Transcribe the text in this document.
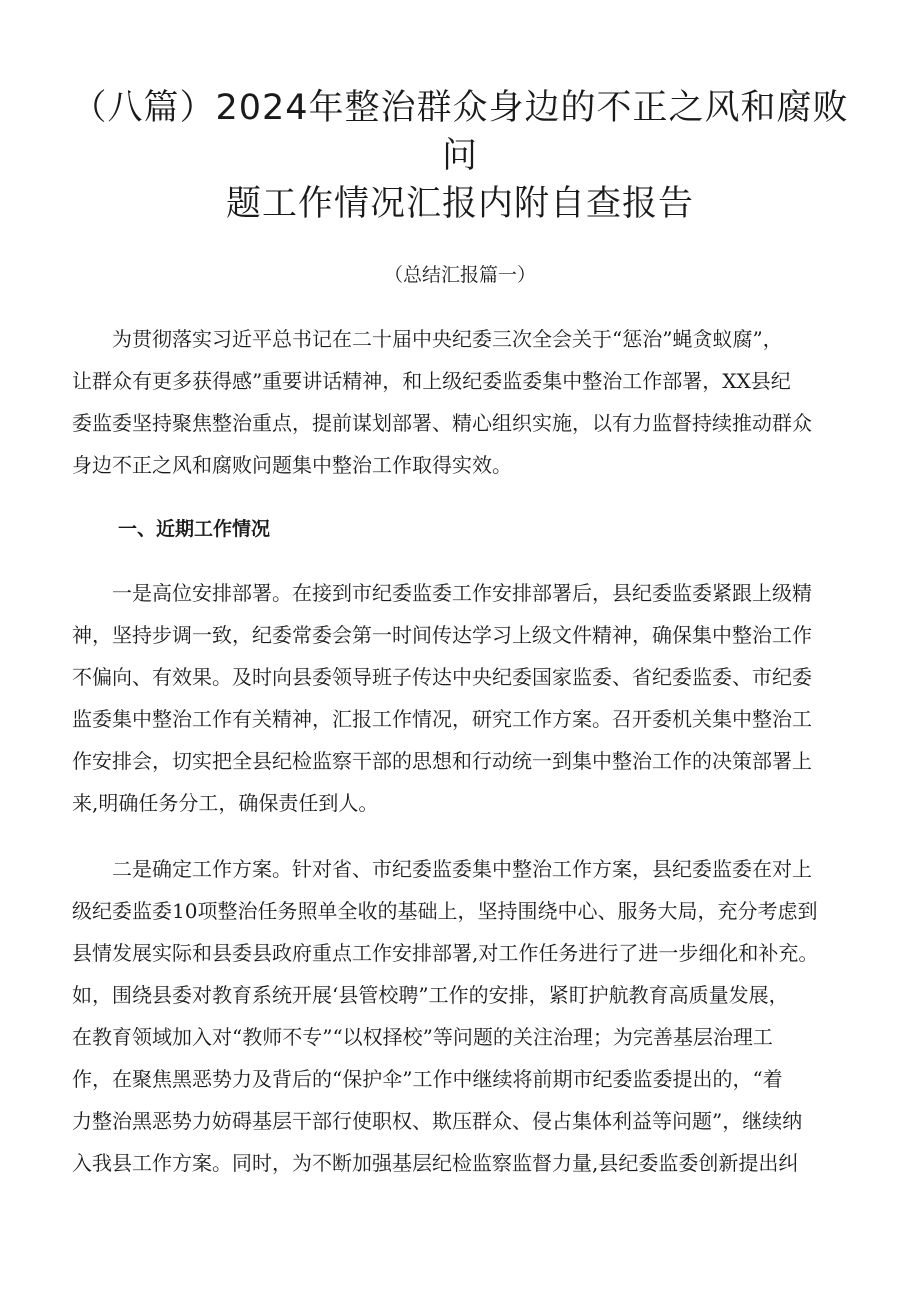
（八篇）2024年整治群众身边的不正之风和腐败问
题工作情况汇报内附自查报告

（总结汇报篇一）

　　为贯彻落实习近平总书记在二十届中央纪委三次全会关于“惩治”蝇贪蚁腐”，
让群众有更多获得感”重要讲话精神，和上级纪委监委集中整治工作部署，XX县纪
委监委坚持聚焦整治重点，提前谋划部署、精心组织实施，以有力监督持续推动群众
身边不正之风和腐败问题集中整治工作取得实效。

一、近期工作情况

　　一是高位安排部署。在接到市纪委监委工作安排部署后，县纪委监委紧跟上级精
神，坚持步调一致，纪委常委会第一时间传达学习上级文件精神，确保集中整治工作
不偏向、有效果。及时向县委领导班子传达中央纪委国家监委、省纪委监委、市纪委
监委集中整治工作有关精神，汇报工作情况，研究工作方案。召开委机关集中整治工
作安排会，切实把全县纪检监察干部的思想和行动统一到集中整治工作的决策部署上
来,明确任务分工，确保责任到人。

　　二是确定工作方案。针对省、市纪委监委集中整治工作方案，县纪委监委在对上
级纪委监委10项整治任务照单全收的基础上，坚持围绕中心、服务大局，充分考虑到
县情发展实际和县委县政府重点工作安排部署,对工作任务进行了进一步细化和补充。
如，围绕县委对教育系统开展‘县管校聘”工作的安排，紧盯护航教育高质量发展，
在教育领域加入对“教师不专”“以权择校”等问题的关注治理；为完善基层治理工
作，在聚焦黑恶势力及背后的“保护伞”工作中继续将前期市纪委监委提出的，“着
力整治黑恶势力妨碍基层干部行使职权、欺压群众、侵占集体利益等问题”，继续纳
入我县工作方案。同时，为不断加强基层纪检监察监督力量,县纪委监委创新提出纠
